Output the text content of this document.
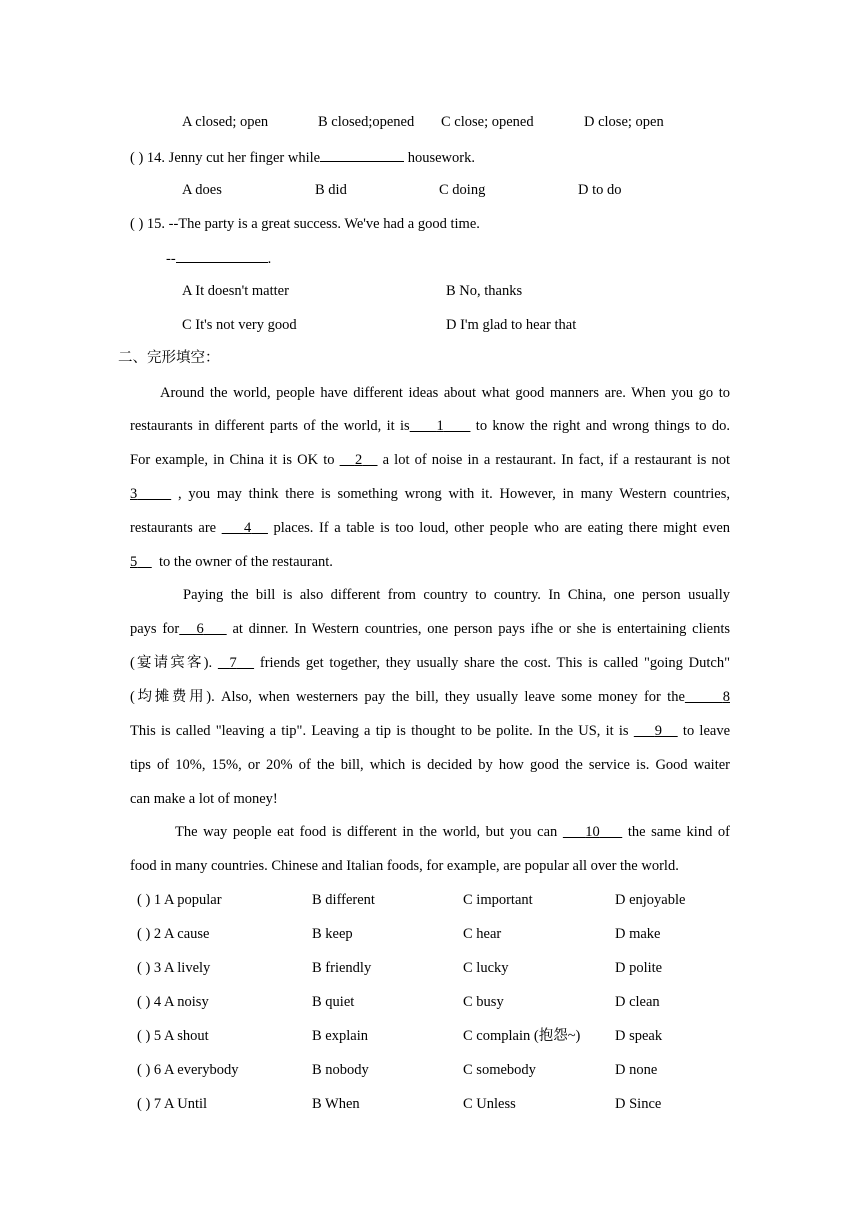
A closed; open	B closed;opened C close; opened	D close; open
( ) 14. Jenny cut her finger while	housework.
A does	B did	C doing	D to do
( ) 15. --The party is a great success. We've had a good time.
--	.
A It doesn't matter	B No, thanks
C It's not very good	D I'm glad to hear that
二、完形填空：
Around the world, people have different ideas about what good manners are. When you go to
restaurants in different parts of the world, it is 1 to know the right and wrong things to do.
For example, in China it is OK to 2 a lot of noise in a restaurant. In fact, if a restaurant is not
3	, you may think there is something wrong with it. However, in many Western countries,
restaurants are 4 places. If a table is too loud, other people who are eating there might even
5 to the owner of the restaurant.
Paying the bill is also different from country to country. In China, one person usually
pays for 6 at dinner. In Western countries, one person pays ifhe or she is entertaining clients
(宴请宾客). 7 friends get together, they usually share the cost. This is called "going Dutch"
(均摊费用). Also, when westerners pay the bill, they usually leave some money for the	8
This is called "leaving a tip". Leaving a tip is thought to be polite. In the US, it is 9 to leave
tips of 10%, 15%, or 20% of the bill, which is decided by how good the service is. Good waiter
can make a lot of money!
The way people eat food is different in the world, but you can 10 the same kind of
food in many countries. Chinese and Italian foods, for example, are popular all over the world.
( ) 1 A popular	B different	C important	D enjoyable
( ) 2 A cause	B keep	C hear	D make
( ) 3 A lively	B friendly	C lucky	D polite
( ) 4 A noisy	B quiet	C busy	D clean
( ) 5 A shout	B explain	C complain (抱怨~) D speak
( ) 6 A everybody	B nobody	C somebody	D none
( ) 7 A Until	B When	C Unless	D Since
